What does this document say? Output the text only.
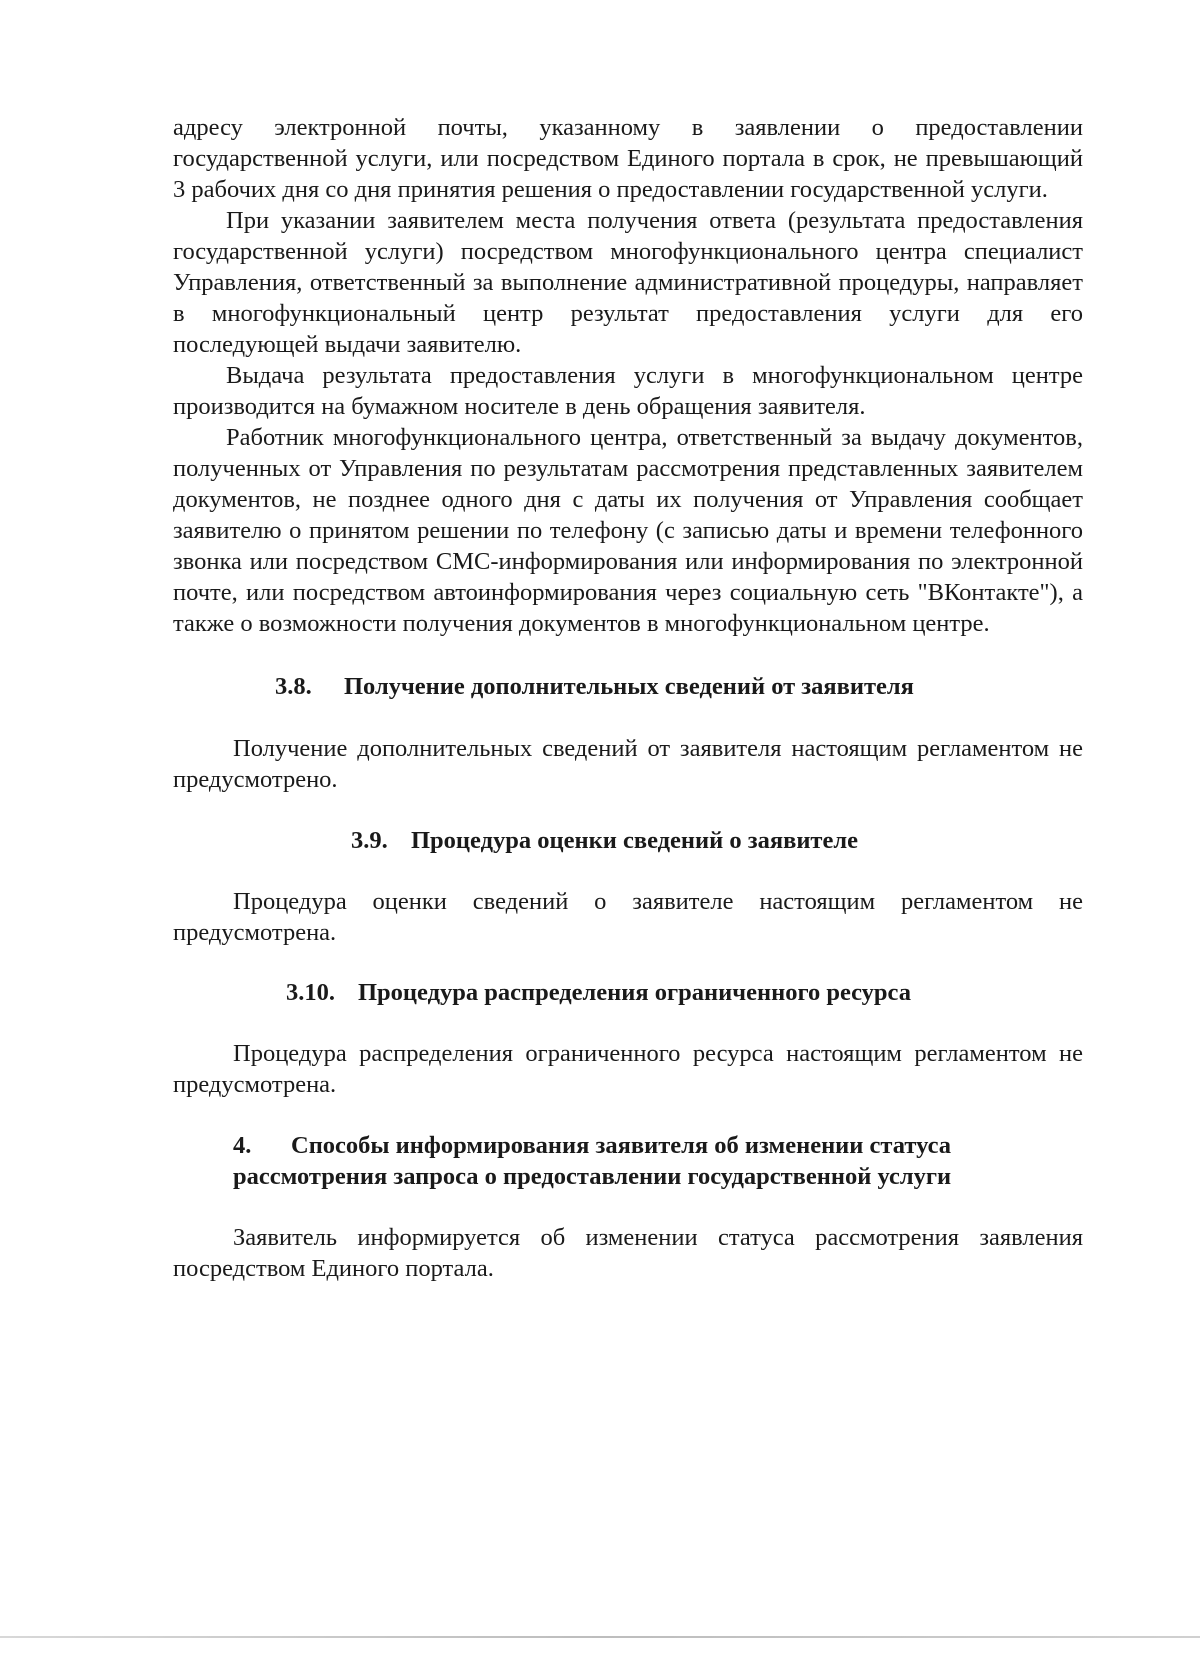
адресу электронной почты, указанному в заявлении о предоставлении государственной услуги, или посредством Единого портала в срок, не превышающий 3 рабочих дня со дня принятия решения о предоставлении государственной услуги.

При указании заявителем места получения ответа (результата предоставления государственной услуги) посредством многофункционального центра специалист Управления, ответственный за выполнение административной процедуры, направляет в многофункциональный центр результат предоставления услуги для его последующей выдачи заявителю.

Выдача результата предоставления услуги в многофункциональном центре производится на бумажном носителе в день обращения заявителя.

Работник многофункционального центра, ответственный за выдачу документов, полученных от Управления по результатам рассмотрения представленных заявителем документов, не позднее одного дня с даты их получения от Управления сообщает заявителю о принятом решении по телефону (с записью даты и времени телефонного звонка или посредством СМС-информирования или информирования по электронной почте, или посредством автоинформирования через социальную сеть "ВКонтакте"), а также о возможности получения документов в многофункциональном центре.

3.8. Получение дополнительных сведений от заявителя

Получение дополнительных сведений от заявителя настоящим регламентом не предусмотрено.

3.9. Процедура оценки сведений о заявителе

Процедура оценки сведений о заявителе настоящим регламентом не предусмотрена.

3.10. Процедура распределения ограниченного ресурса

Процедура распределения ограниченного ресурса настоящим регламентом не предусмотрена.

4. Способы информирования заявителя об изменении статуса
рассмотрения запроса о предоставлении государственной услуги

Заявитель информируется об изменении статуса рассмотрения заявления посредством Единого портала.
